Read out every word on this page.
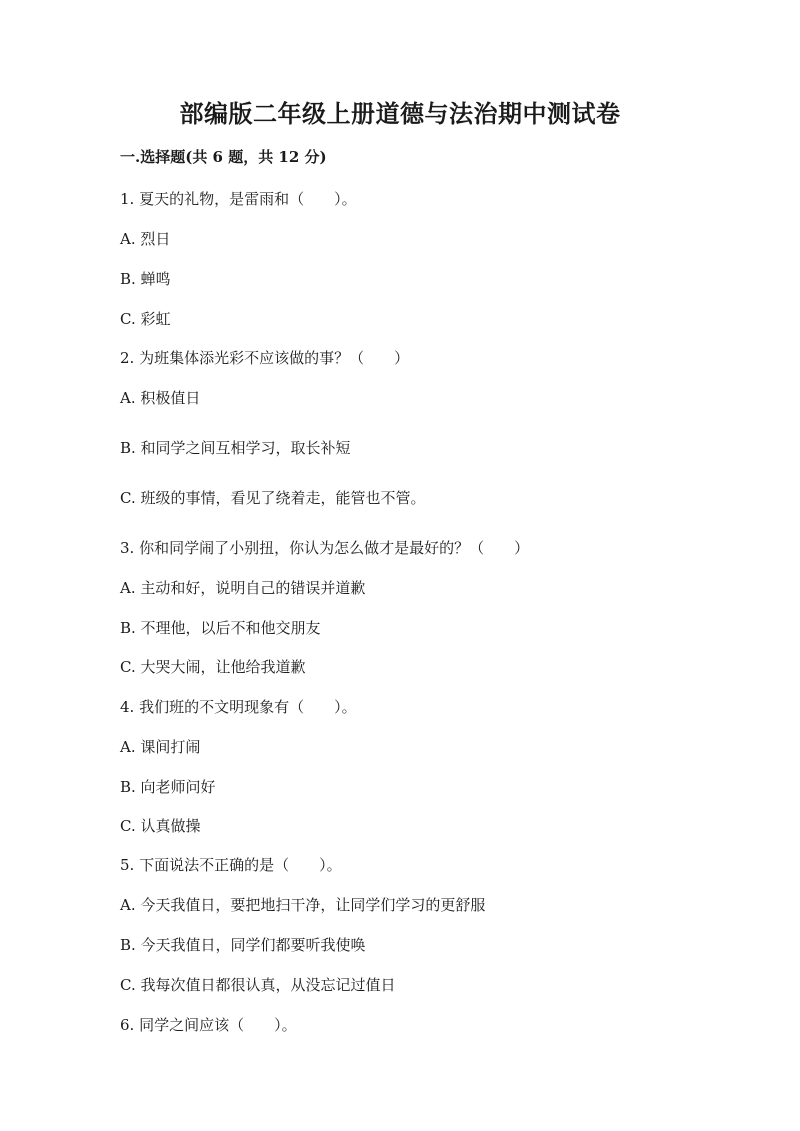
部编版二年级上册道德与法治期中测试卷
一.选择题(共 6 题，共 12 分)
1. 夏天的礼物，是雷雨和（　　）。
A. 烈日
B. 蝉鸣
C. 彩虹
2. 为班集体添光彩不应该做的事？（　　）
A. 积极值日
B. 和同学之间互相学习，取长补短
C. 班级的事情，看见了绕着走，能管也不管。
3. 你和同学闹了小别扭，你认为怎么做才是最好的？（　　）
A. 主动和好，说明自己的错误并道歉
B. 不理他，以后不和他交朋友
C. 大哭大闹，让他给我道歉
4. 我们班的不文明现象有（　　）。
A. 课间打闹
B. 向老师问好
C. 认真做操
5. 下面说法不正确的是（　　）。
A. 今天我值日，要把地扫干净，让同学们学习的更舒服
B. 今天我值日，同学们都要听我使唤
C. 我每次值日都很认真，从没忘记过值日
6. 同学之间应该（　　）。
